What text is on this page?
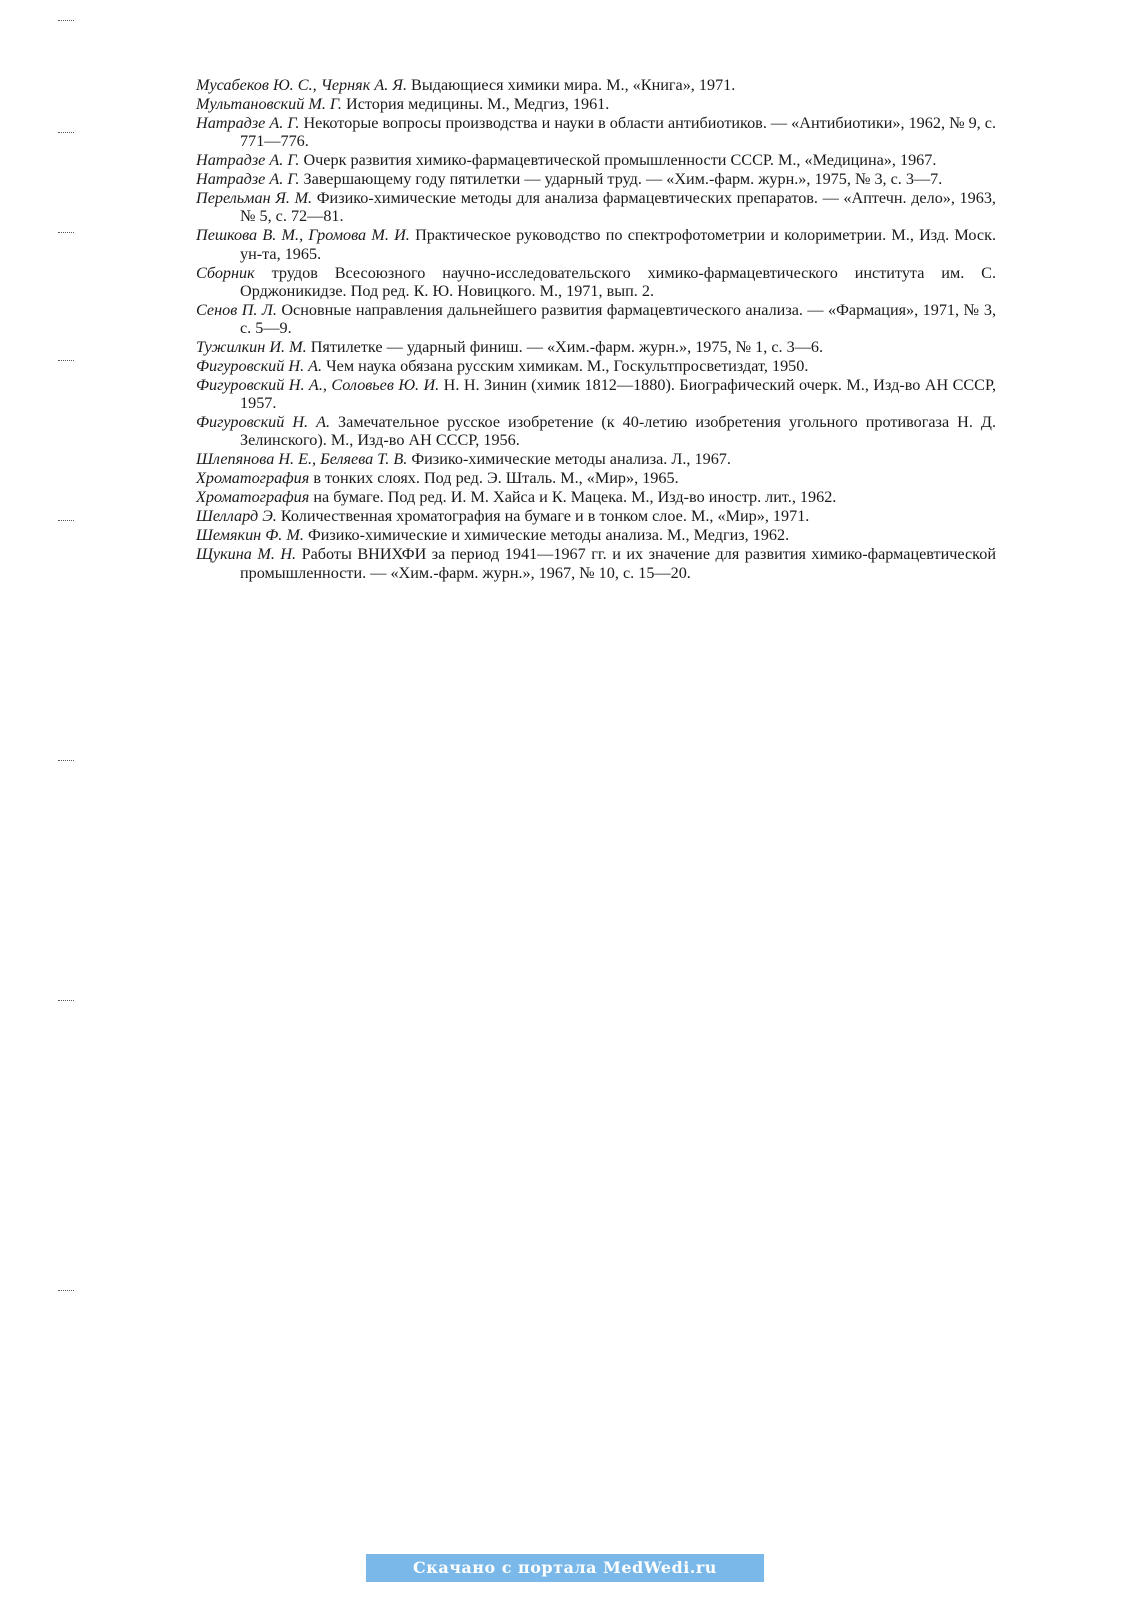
Мусабеков Ю. С., Черняк А. Я. Выдающиеся химики мира. М., «Книга», 1971.
Мультановский М. Г. История медицины. М., Медгиз, 1961.
Натрадзе А. Г. Некоторые вопросы производства и науки в области антибиотиков. — «Антибиотики», 1962, № 9, с. 771—776.
Натрадзе А. Г. Очерк развития химико-фармацевтической промышленности СССР. М., «Медицина», 1967.
Натрадзе А. Г. Завершающему году пятилетки — ударный труд. — «Хим.-фарм. журн.», 1975, № 3, с. 3—7.
Перельман Я. М. Физико-химические методы для анализа фармацевтических препаратов. — «Аптечн. дело», 1963, № 5, с. 72—81.
Пешкова В. М., Громова М. И. Практическое руководство по спектрофотометрии и колориметрии. М., Изд. Моск. ун-та, 1965.
Сборник трудов Всесоюзного научно-исследовательского химико-фармацевтического института им. С. Орджоникидзе. Под ред. К. Ю. Новицкого. М., 1971, вып. 2.
Сенов П. Л. Основные направления дальнейшего развития фармацевтического анализа. — «Фармация», 1971, № 3, с. 5—9.
Тужилкин И. М. Пятилетке — ударный финиш. — «Хим.-фарм. журн.», 1975, № 1, с. 3—6.
Фигуровский Н. А. Чем наука обязана русским химикам. М., Госкультпросветиздат, 1950.
Фигуровский Н. А., Соловьев Ю. И. Н. Н. Зинин (химик 1812—1880). Биографический очерк. М., Изд-во АН СССР, 1957.
Фигуровский Н. А. Замечательное русское изобретение (к 40-летию изобретения угольного противогаза Н. Д. Зелинского). М., Изд-во АН СССР, 1956.
Шлепянова Н. Е., Беляева Т. В. Физико-химические методы анализа. Л., 1967.
Хроматография в тонких слоях. Под ред. Э. Шталь. М., «Мир», 1965.
Хроматография на бумаге. Под ред. И. М. Хайса и К. Мацека. М., Изд-во иностр. лит., 1962.
Шеллард Э. Количественная хроматография на бумаге и в тонком слое. М., «Мир», 1971.
Шемякин Ф. М. Физико-химические и химические методы анализа. М., Медгиз, 1962.
Щукина М. Н. Работы ВНИХФИ за период 1941—1967 гг. и их значение для развития химико-фармацевтической промышленности. — «Хим.-фарм. журн.», 1967, № 10, с. 15—20.
Скачано с портала MedWedi.ru
